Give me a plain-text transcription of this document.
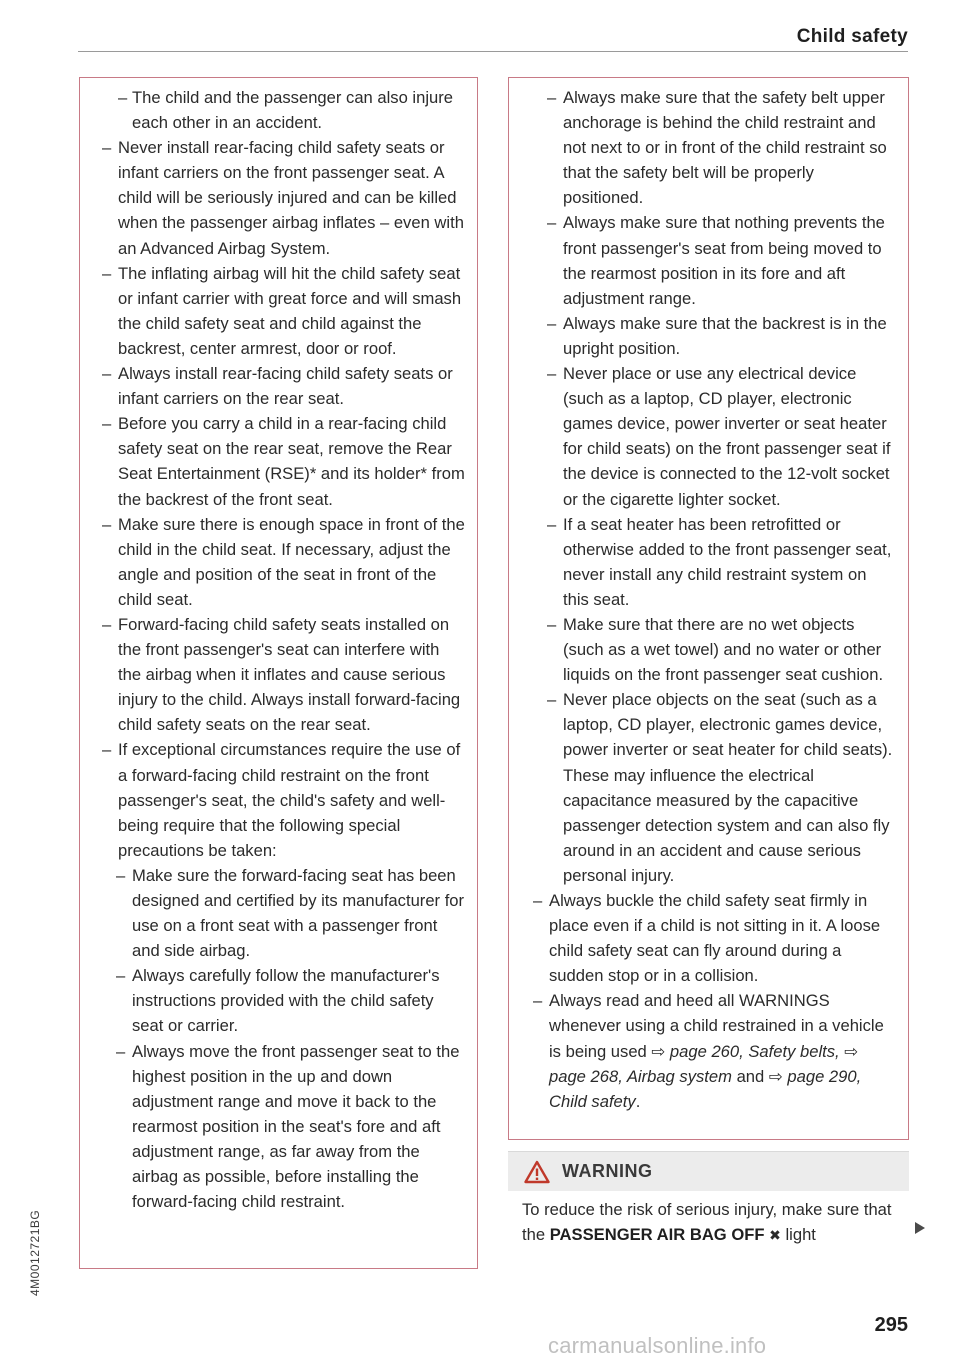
Child safety
4M0012721BG
– The child and the passenger can also injure each other in an accident.
– Never install rear-facing child safety seats or infant carriers on the front passenger seat. A child will be seriously injured and can be killed when the passenger airbag inflates – even with an Advanced Airbag System.
– The inflating airbag will hit the child safety seat or infant carrier with great force and will smash the child safety seat and child against the backrest, center armrest, door or roof.
– Always install rear-facing child safety seats or infant carriers on the rear seat.
– Before you carry a child in a rear-facing child safety seat on the rear seat, remove the Rear Seat Entertainment (RSE)* and its holder* from the backrest of the front seat.
– Make sure there is enough space in front of the child in the child seat. If necessary, adjust the angle and position of the seat in front of the child seat.
– Forward-facing child safety seats installed on the front passenger's seat can interfere with the airbag when it inflates and cause serious injury to the child. Always install forward-facing child safety seats on the rear seat.
– If exceptional circumstances require the use of a forward-facing child restraint on the front passenger's seat, the child's safety and well-being require that the following special precautions be taken:
– Make sure the forward-facing seat has been designed and certified by its manufacturer for use on a front seat with a passenger front and side airbag.
– Always carefully follow the manufacturer's instructions provided with the child safety seat or carrier.
– Always move the front passenger seat to the highest position in the up and down adjustment range and move it back to the rearmost position in the seat's fore and aft adjustment range, as far away from the airbag as possible, before installing the forward-facing child restraint.
– Always make sure that the safety belt upper anchorage is behind the child restraint and not next to or in front of the child restraint so that the safety belt will be properly positioned.
– Always make sure that nothing prevents the front passenger's seat from being moved to the rearmost position in its fore and aft adjustment range.
– Always make sure that the backrest is in the upright position.
– Never place or use any electrical device (such as a laptop, CD player, electronic games device, power inverter or seat heater for child seats) on the front passenger seat if the device is connected to the 12-volt socket or the cigarette lighter socket.
– If a seat heater has been retrofitted or otherwise added to the front passenger seat, never install any child restraint system on this seat.
– Make sure that there are no wet objects (such as a wet towel) and no water or other liquids on the front passenger seat cushion.
– Never place objects on the seat (such as a laptop, CD player, electronic games device, power inverter or seat heater for child seats). These may influence the electrical capacitance measured by the capacitive passenger detection system and can also fly around in an accident and cause serious personal injury.
– Always buckle the child safety seat firmly in place even if a child is not sitting in it. A loose child safety seat can fly around during a sudden stop or in a collision.
– Always read and heed all WARNINGS whenever using a child restrained in a vehicle is being used ⇨ page 260, Safety belts, ⇨ page 268, Airbag system and ⇨ page 290, Child safety.
WARNING
To reduce the risk of serious injury, make sure that the PASSENGER AIR BAG OFF ✖ light
295
carmanualsonline.info
